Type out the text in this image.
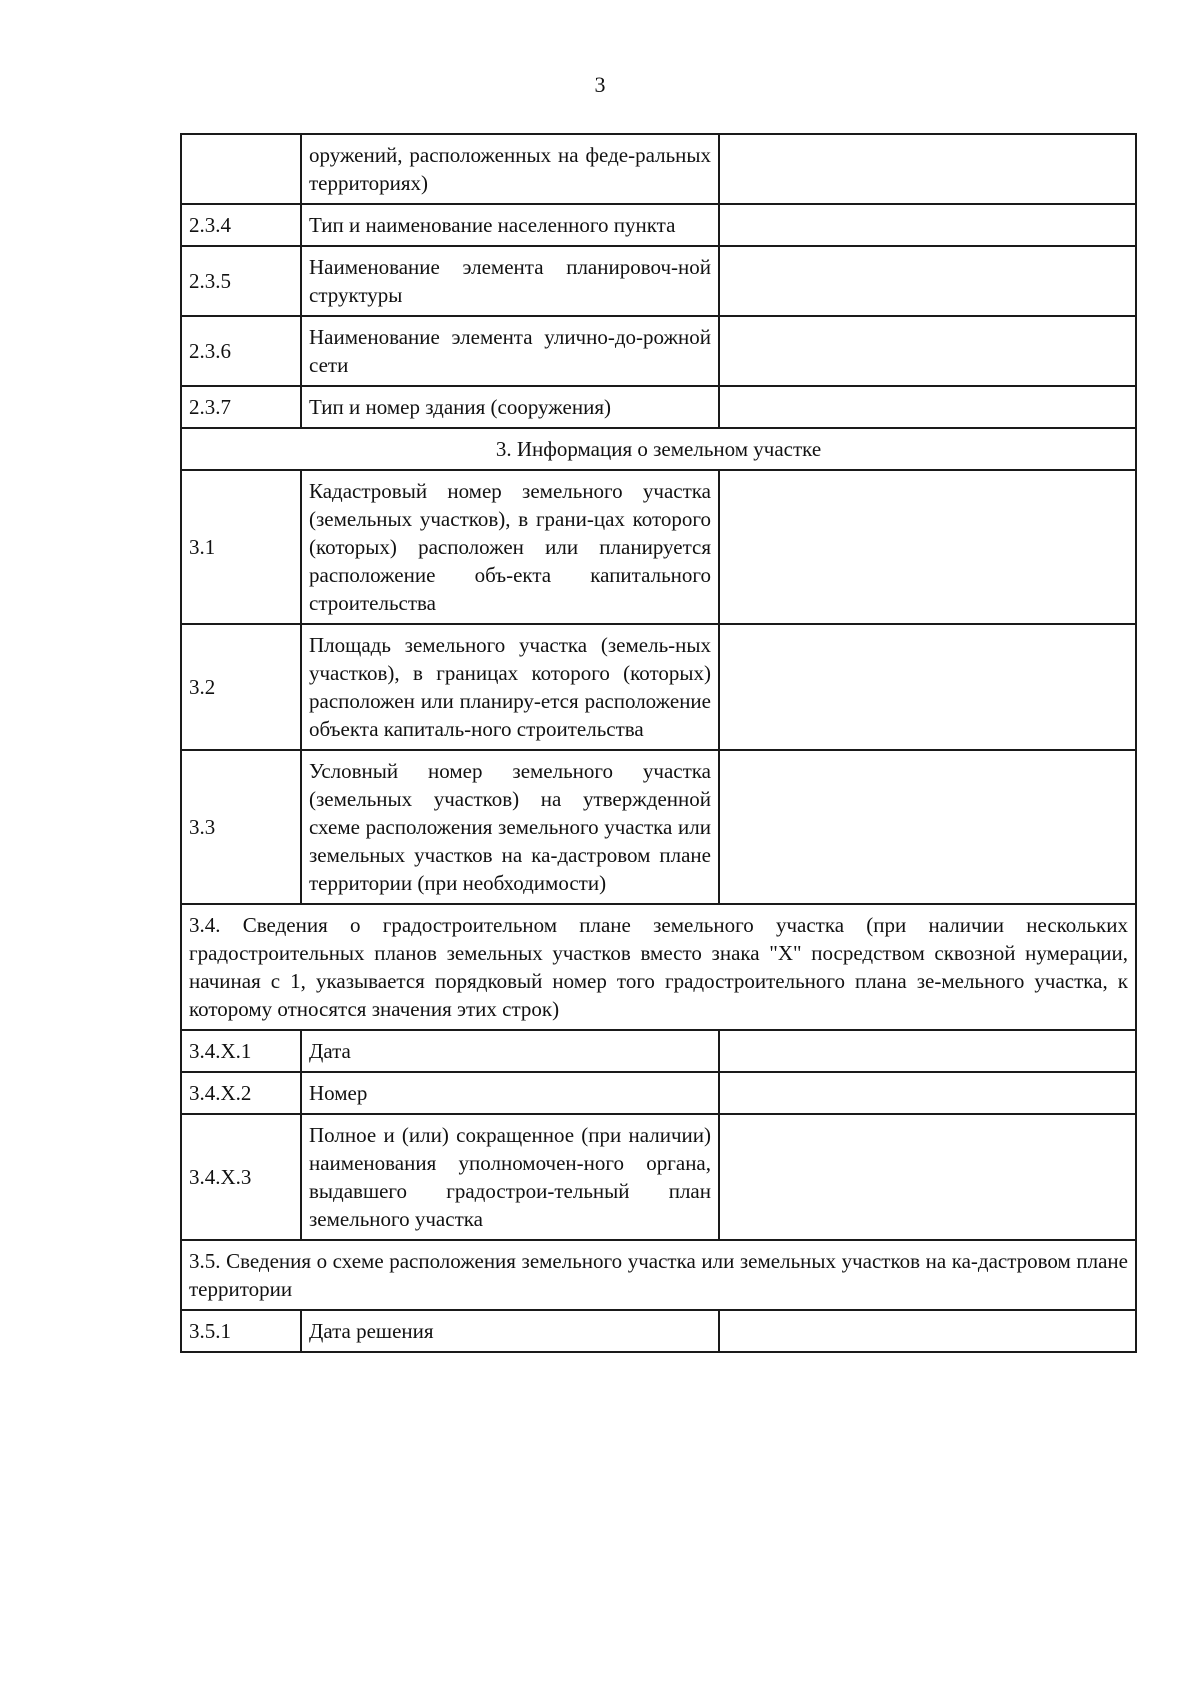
3
	оружений, расположенных на феде-ральных территориях)	
2.3.4	Тип и наименование населенного пункта	
2.3.5	Наименование элемента планировоч-ной структуры	
2.3.6	Наименование элемента улично-до-рожной сети	
2.3.7	Тип и номер здания (сооружения)	
3. Информация о земельном участке		
3.1	Кадастровый номер земельного участка (земельных участков), в грани-цах которого (которых) расположен или планируется расположение объ-екта капитального строительства	
3.2	Площадь земельного участка (земель-ных участков), в границах которого (которых) расположен или планиру-ется расположение объекта капиталь-ного строительства	
3.3	Условный номер земельного участка (земельных участков) на утвержденной схеме расположения земельного участка или земельных участков на ка-дастровом плане территории (при необходимости)	
3.4. Сведения о градостроительном плане земельного участка (при наличии нескольких градостроительных планов земельных участков вместо знака "X" посредством сквозной нумерации, начиная с 1, указывается порядковый номер того градостроительного плана зе-мельного участка, к которому относятся значения этих строк)		
3.4.X.1	Дата	
3.4.X.2	Номер	
3.4.X.3	Полное и (или) сокращенное (при наличии) наименования уполномочен-ного органа, выдавшего градострои-тельный план земельного участка	
3.5. Сведения о схеме расположения земельного участка или земельных участков на ка-дастровом плане территории		
3.5.1	Дата решения	
